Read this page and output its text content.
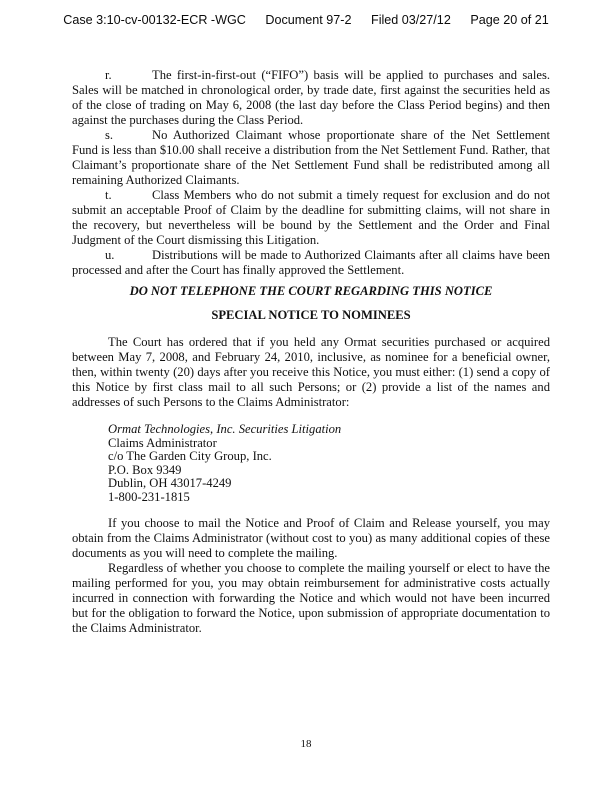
Case 3:10-cv-00132-ECR -WGC Document 97-2 Filed 03/27/12 Page 20 of 21

r.	The first-in-first-out (“FIFO”) basis will be applied to purchases and sales. Sales will be matched in chronological order, by trade date, first against the securities held as of the close of trading on May 6, 2008 (the last day before the Class Period begins) and then against the purchases during the Class Period.

s.	No Authorized Claimant whose proportionate share of the Net Settlement Fund is less than $10.00 shall receive a distribution from the Net Settlement Fund. Rather, that Claimant’s proportionate share of the Net Settlement Fund shall be redistributed among all remaining Authorized Claimants.

t.	Class Members who do not submit a timely request for exclusion and do not submit an acceptable Proof of Claim by the deadline for submitting claims, will not share in the recovery, but nevertheless will be bound by the Settlement and the Order and Final Judgment of the Court dismissing this Litigation.

u.	Distributions will be made to Authorized Claimants after all claims have been processed and after the Court has finally approved the Settlement.

DO NOT TELEPHONE THE COURT REGARDING THIS NOTICE

SPECIAL NOTICE TO NOMINEES

The Court has ordered that if you held any Ormat securities purchased or acquired between May 7, 2008, and February 24, 2010, inclusive, as nominee for a beneficial owner, then, within twenty (20) days after you receive this Notice, you must either: (1) send a copy of this Notice by first class mail to all such Persons; or (2) provide a list of the names and addresses of such Persons to the Claims Administrator:

Ormat Technologies, Inc. Securities Litigation
Claims Administrator
c/o The Garden City Group, Inc.
P.O. Box 9349
Dublin, OH 43017-4249
1-800-231-1815

If you choose to mail the Notice and Proof of Claim and Release yourself, you may obtain from the Claims Administrator (without cost to you) as many additional copies of these documents as you will need to complete the mailing.

Regardless of whether you choose to complete the mailing yourself or elect to have the mailing performed for you, you may obtain reimbursement for administrative costs actually incurred in connection with forwarding the Notice and which would not have been incurred but for the obligation to forward the Notice, upon submission of appropriate documentation to the Claims Administrator.

18
